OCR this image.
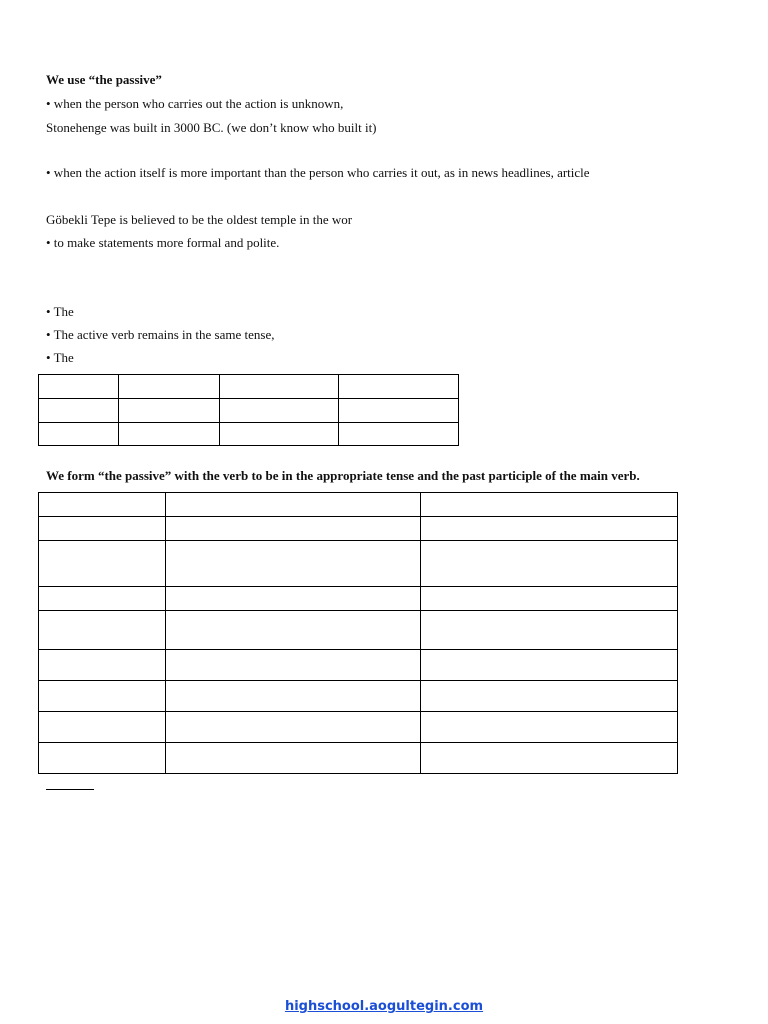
We use “the passive”
• when the person who carries out the action is unknown,
Stonehenge was built in 3000 BC. (we don’t know who built it)
• when the action itself is more important than the person who carries it out, as in news headlines, article
Göbekli Tepe is believed to be the oldest temple in the wor
• to make statements more formal and polite.
• The
• The active verb remains in the same tense,
• The

We form “the passive” with the verb to be in the appropriate tense and the past participle of the main verb.

highschool.aogultegin.com
